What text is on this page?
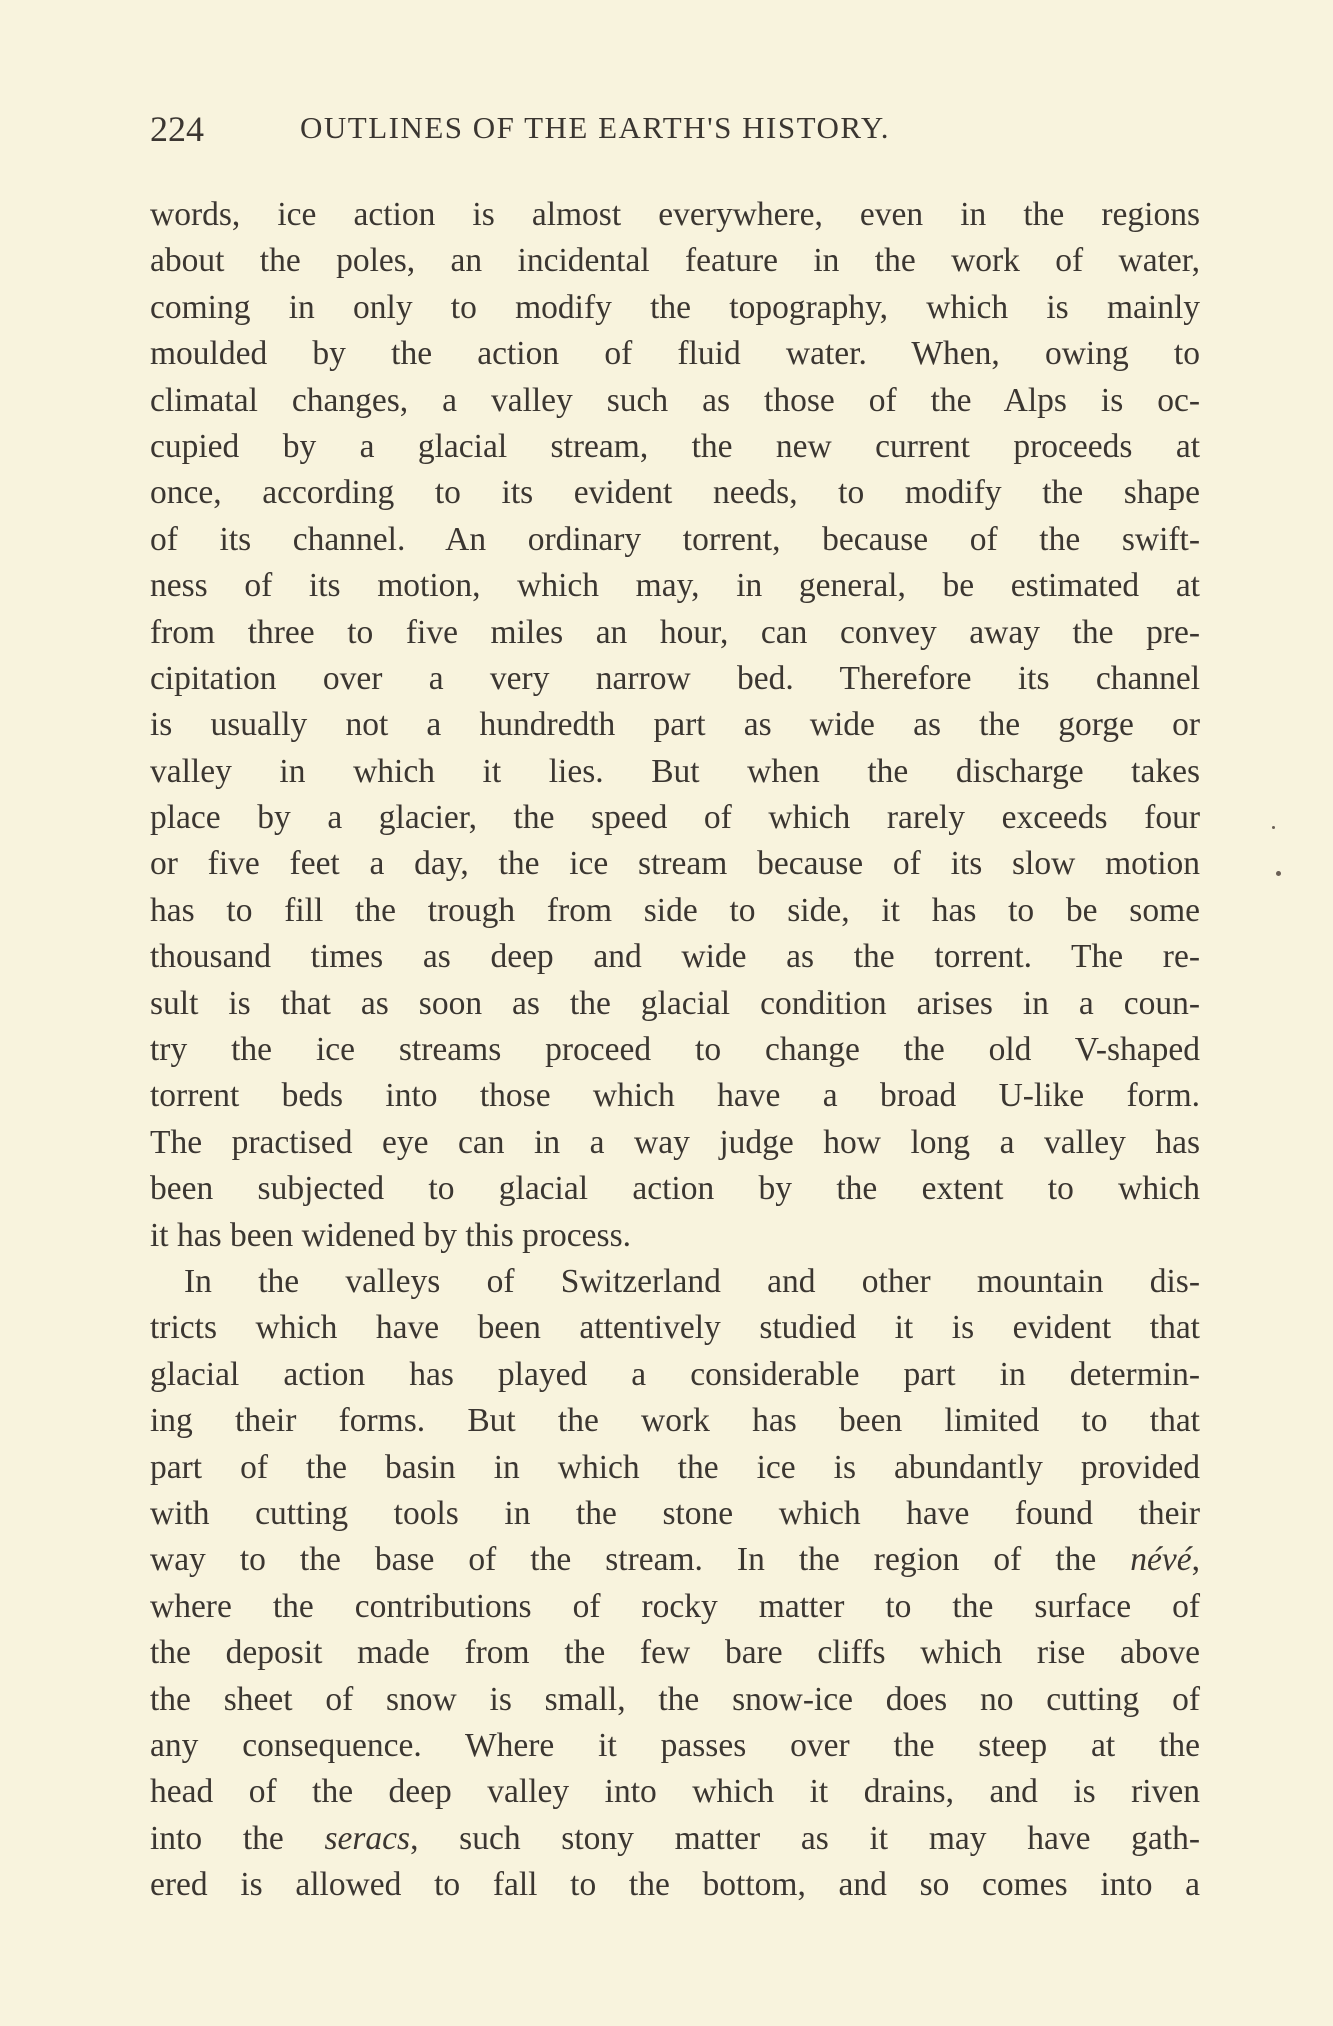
224	OUTLINES OF THE EARTH'S HISTORY.
words, ice action is almost everywhere, even in the regions
about the poles, an incidental feature in the work of water,
coming in only to modify the topography, which is mainly
moulded by the action of fluid water. When, owing to
climatal changes, a valley such as those of the Alps is oc-
cupied by a glacial stream, the new current proceeds at
once, according to its evident needs, to modify the shape
of its channel. An ordinary torrent, because of the swift-
ness of its motion, which may, in general, be estimated at
from three to five miles an hour, can convey away the pre-
cipitation over a very narrow bed. Therefore its channel
is usually not a hundredth part as wide as the gorge or
valley in which it lies. But when the discharge takes
place by a glacier, the speed of which rarely exceeds four
or five feet a day, the ice stream because of its slow motion
has to fill the trough from side to side, it has to be some
thousand times as deep and wide as the torrent. The re-
sult is that as soon as the glacial condition arises in a coun-
try the ice streams proceed to change the old V-shaped
torrent beds into those which have a broad U-like form.
The practised eye can in a way judge how long a valley has
been subjected to glacial action by the extent to which
it has been widened by this process.
In the valleys of Switzerland and other mountain dis-
tricts which have been attentively studied it is evident that
glacial action has played a considerable part in determin-
ing their forms. But the work has been limited to that
part of the basin in which the ice is abundantly provided
with cutting tools in the stone which have found their
way to the base of the stream. In the region of the névé,
where the contributions of rocky matter to the surface of
the deposit made from the few bare cliffs which rise above
the sheet of snow is small, the snow-ice does no cutting of
any consequence. Where it passes over the steep at the
head of the deep valley into which it drains, and is riven
into the seracs, such stony matter as it may have gath-
ered is allowed to fall to the bottom, and so comes into a
